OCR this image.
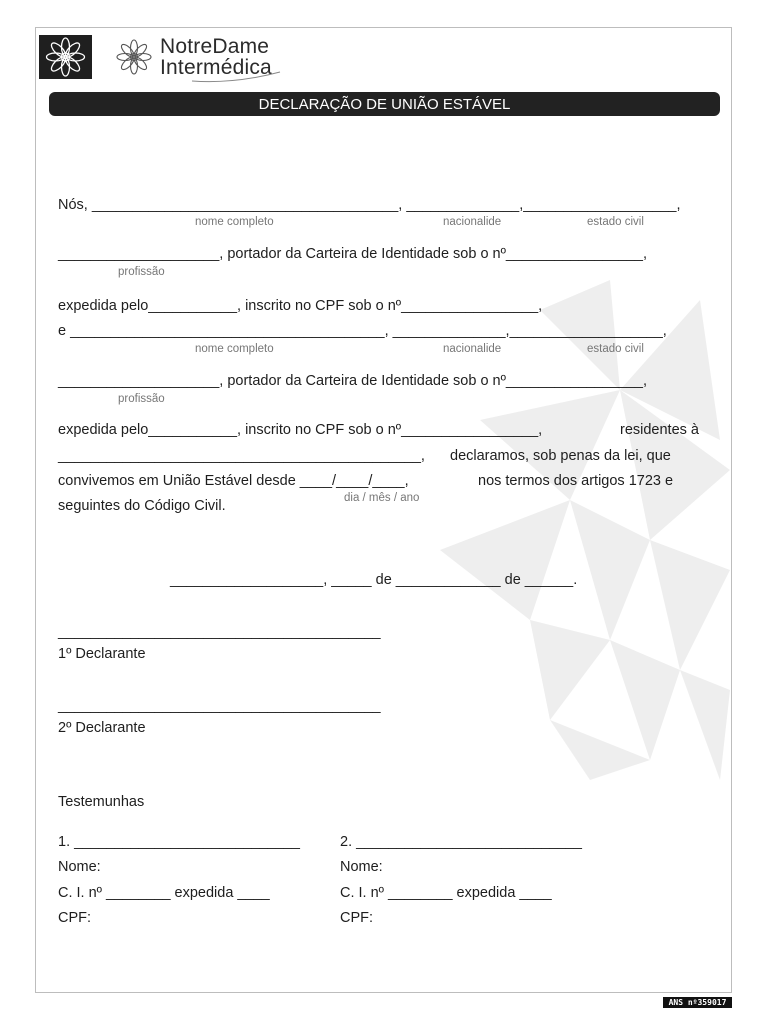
NotreDame
Intermédica
DECLARAÇÃO DE UNIÃO ESTÁVEL
Nós, ______________________________________, ______________,___________________,
nome completo	nacionalide	estado civil
____________________, portador da Carteira de Identidade sob o nº_________________,
profissão
expedida pelo___________, inscrito no CPF sob o nº_________________,
e _______________________________________, ______________,___________________,
nome completo	nacionalide	estado civil
____________________, portador da Carteira de Identidade sob o nº_________________,
profissão
expedida pelo___________, inscrito no CPF sob o nº_________________,	residentes à
_____________________________________________, declaramos, sob penas da lei, que
convivemos em União Estável desde ____/____/____,	nos termos dos artigos 1723 e
dia / mês / ano
seguintes do Código Civil.
___________________, _____ de _____________ de ______.
________________________________________
1º Declarante
________________________________________
2º Declarante
Testemunhas
1. ____________________________
Nome:
C. I. nº ________ expedida ____
CPF:
2. ____________________________
Nome:
C. I. nº ________ expedida ____
CPF:
ANS nº359017
